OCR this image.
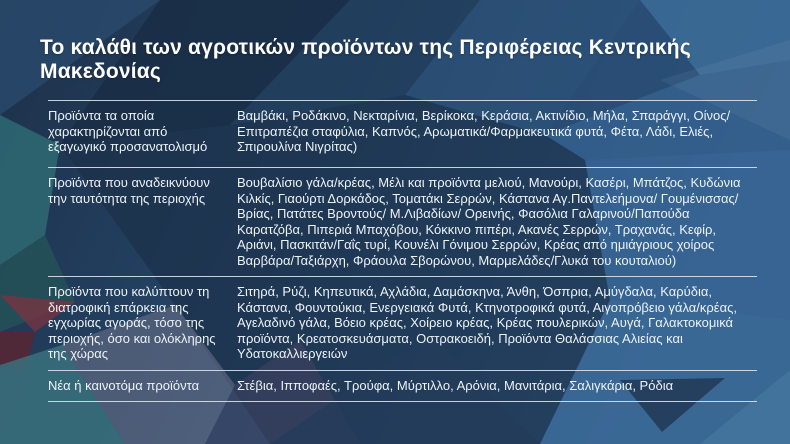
Το καλάθι των αγροτικών προϊόντων της Περιφέρειας Κεντρικής Μακεδονίας
Προϊόντα τα οποία χαρακτηρίζονται από εξαγωγικό προσανατολισμό
Βαμβάκι, Ροδάκινο, Νεκταρίνια, Βερίκοκα, Κεράσια, Ακτινίδιο, Μήλα, Σπαράγγι, Οίνος/Επιτραπέζια σταφύλια, Καπνός, Αρωματικά/Φαρμακευτικά φυτά, Φέτα, Λάδι, Ελιές, Σπιρουλίνα Νιγρίτας)
Προϊόντα που αναδεικνύουν την ταυτότητα της περιοχής
Βουβαλίσιο γάλα/κρέας, Μέλι και προϊόντα μελιού, Μανούρι, Κασέρι, Μπάτζος, Κυδώνια Κιλκίς, Γιαούρτι Δορκάδος, Τοματάκι Σερρών, Κάστανα Αγ.Παντελεήμονα/ Γουμένισσας/ Βρίας, Πατάτες Βροντούς/ Μ.Λιβαδίων/ Ορεινής, Φασόλια Γαλαρινού/Παπούδα Καρατζόβα, Πιπεριά Μπαχόβου, Κόκκινο πιπέρι, Ακανές Σερρών, Τραχανάς, Κεφίρ, Αριάνι, Πασκιτάν/Γαΐς τυρί, Κουνέλι Γόνιμου Σερρών, Κρέας από ημιάγριους χοίρος Βαρβάρα/Ταξιάρχη, Φράουλα Σβορώνου, Μαρμελάδες/Γλυκά του κουταλιού)
Προϊόντα που καλύπτουν τη διατροφική επάρκεια της εγχωρίας αγοράς, τόσο της περιοχής, όσο και ολόκληρης της χώρας
Σιτηρά, Ρύζι, Κηπευτικά, Αχλάδια, Δαμάσκηνα, Άνθη, Όσπρια, Αμύγδαλα, Καρύδια, Κάστανα, Φουντούκια, Ενεργειακά Φυτά, Κτηνοτροφικά φυτά, Αιγοπρόβειο γάλα/κρέας, Αγελαδινό γάλα, Βόειο κρέας, Χοίρειο κρέας, Κρέας πουλερικών, Αυγά, Γαλακτοκομικά προϊόντα, Κρεατοσκευάσματα, Οστρακοειδή, Προϊόντα Θαλάσσιας Αλιείας και Υδατοκαλλιεργειών
Νέα ή καινοτόμα προϊόντα	Στέβια, Ιπποφαές, Τρούφα, Μύρτιλλο, Αρόνια, Μανιτάρια, Σαλιγκάρια, Ρόδια
